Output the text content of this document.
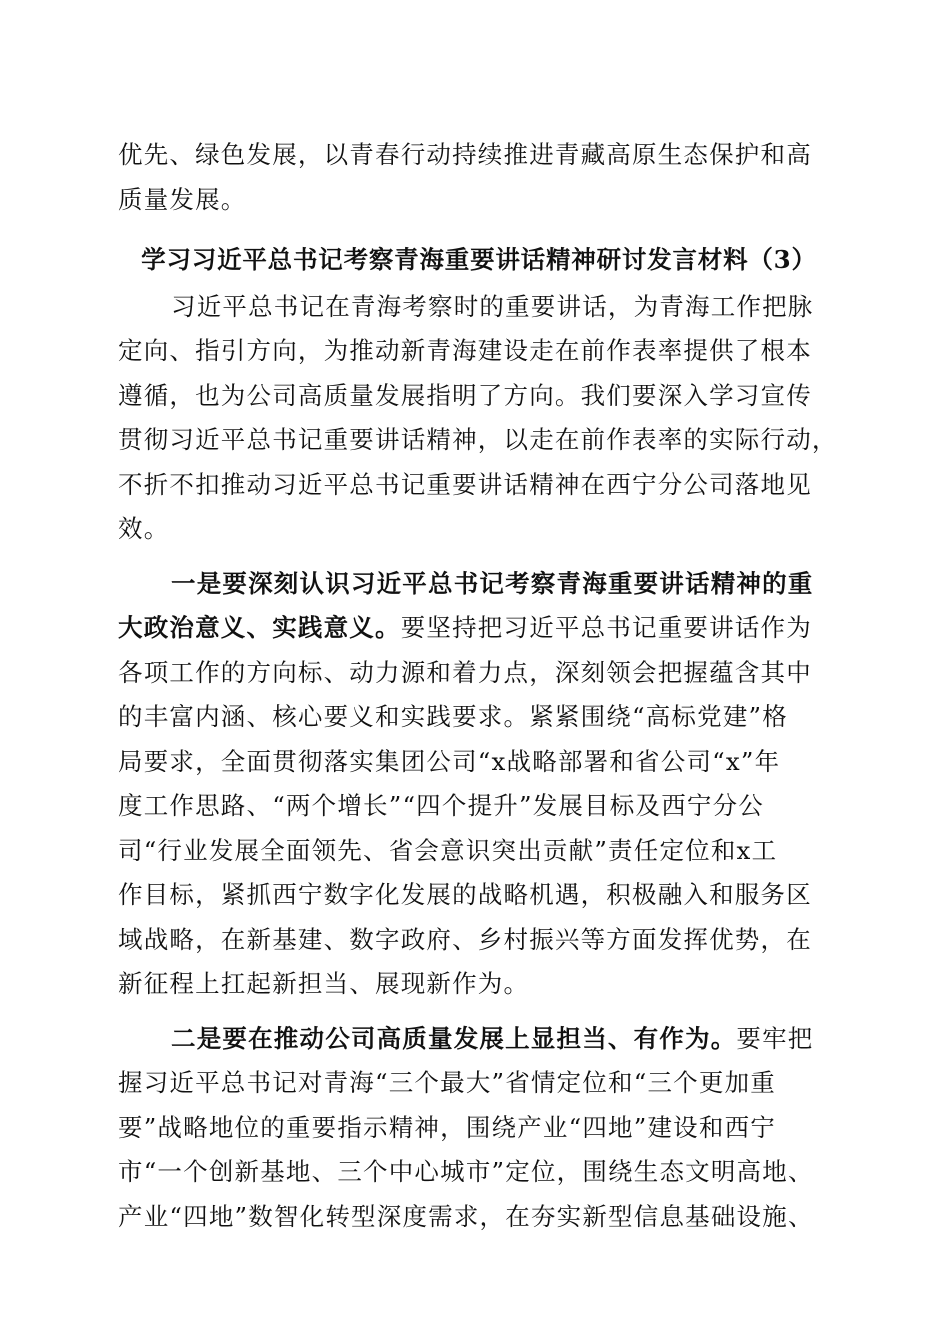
优先、绿色发展，以青春行动持续推进青藏高原生态保护和高
质量发展。
学习习近平总书记考察青海重要讲话精神研讨发言材料（3）
习近平总书记在青海考察时的重要讲话，为青海工作把脉
定向、指引方向，为推动新青海建设走在前作表率提供了根本
遵循，也为公司高质量发展指明了方向。我们要深入学习宣传
贯彻习近平总书记重要讲话精神，以走在前作表率的实际行动，
不折不扣推动习近平总书记重要讲话精神在西宁分公司落地见
效。
一是要深刻认识习近平总书记考察青海重要讲话精神的重
大政治意义、实践意义。要坚持把习近平总书记重要讲话作为
各项工作的方向标、动力源和着力点，深刻领会把握蕴含其中
的丰富内涵、核心要义和实践要求。紧紧围绕“高标党建”格
局要求，全面贯彻落实集团公司“x战略部署和省公司“x”年
度工作思路、“两个增长”“四个提升”发展目标及西宁分公
司“行业发展全面领先、省会意识突出贡献”责任定位和x工
作目标，紧抓西宁数字化发展的战略机遇，积极融入和服务区
域战略，在新基建、数字政府、乡村振兴等方面发挥优势，在
新征程上扛起新担当、展现新作为。
二是要在推动公司高质量发展上显担当、有作为。要牢把
握习近平总书记对青海“三个最大”省情定位和“三个更加重
要”战略地位的重要指示精神，围绕产业“四地”建设和西宁
市“一个创新基地、三个中心城市”定位，围绕生态文明高地、
产业“四地”数智化转型深度需求，在夯实新型信息基础设施、
